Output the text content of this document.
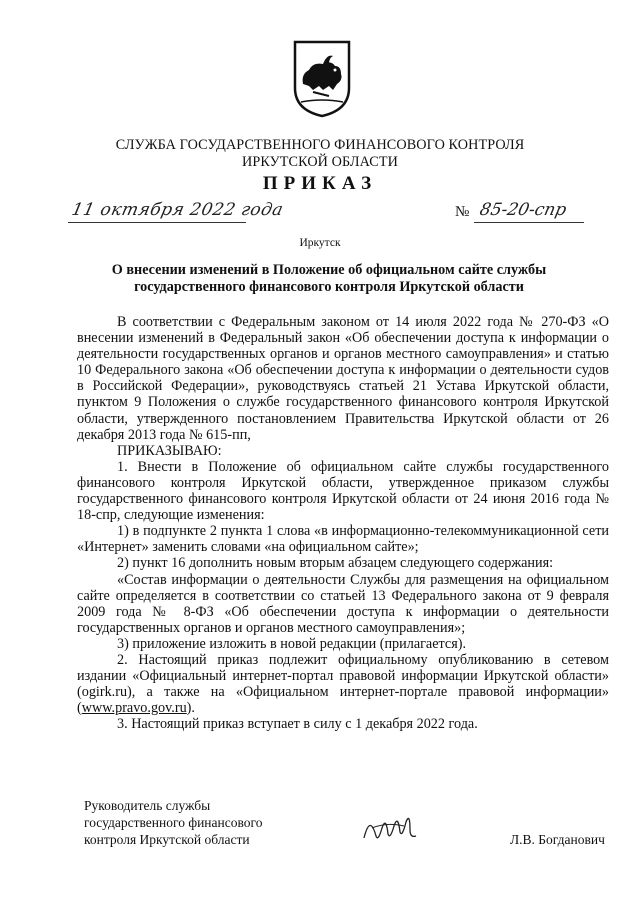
СЛУЖБА ГОСУДАРСТВЕННОГО ФИНАНСОВОГО КОНТРОЛЯ
ИРКУТСКОЙ ОБЛАСТИ
ПРИКАЗ
11 октября 2022 года	№ 85-20-спр
Иркутск
О внесении изменений в Положение об официальном сайте службы государственного финансового контроля Иркутской области

В соответствии с Федеральным законом от 14 июля 2022 года № 270-ФЗ «О внесении изменений в Федеральный закон «Об обеспечении доступа к информации о деятельности государственных органов и органов местного самоуправления» и статью 10 Федерального закона «Об обеспечении доступа к информации о деятельности судов в Российской Федерации», руководствуясь статьей 21 Устава Иркутской области, пунктом 9 Положения о службе государственного финансового контроля Иркутской области, утвержденного постановлением Правительства Иркутской области от 26 декабря 2013 года № 615-пп,

ПРИКАЗЫВАЮ:

1. Внести в Положение об официальном сайте службы государственного финансового контроля Иркутской области, утвержденное приказом службы государственного финансового контроля Иркутской области от 24 июня 2016 года № 18-спр, следующие изменения:

1) в подпункте 2 пункта 1 слова «в информационно-телекоммуникационной сети «Интернет» заменить словами «на официальном сайте»;

2) пункт 16 дополнить новым вторым абзацем следующего содержания:

«Состав информации о деятельности Службы для размещения на официальном сайте определяется в соответствии со статьей 13 Федерального закона от 9 февраля 2009 года № 8-ФЗ «Об обеспечении доступа к информации о деятельности государственных органов и органов местного самоуправления»;

3) приложение изложить в новой редакции (прилагается).

2. Настоящий приказ подлежит официальному опубликованию в сетевом издании «Официальный интернет-портал правовой информации Иркутской области» (ogirk.ru), а также на «Официальном интернет-портале правовой информации» (www.pravo.gov.ru).

3. Настоящий приказ вступает в силу с 1 декабря 2022 года.

Руководитель службы
государственного финансового
контроля Иркутской области	Л.В. Богданович
